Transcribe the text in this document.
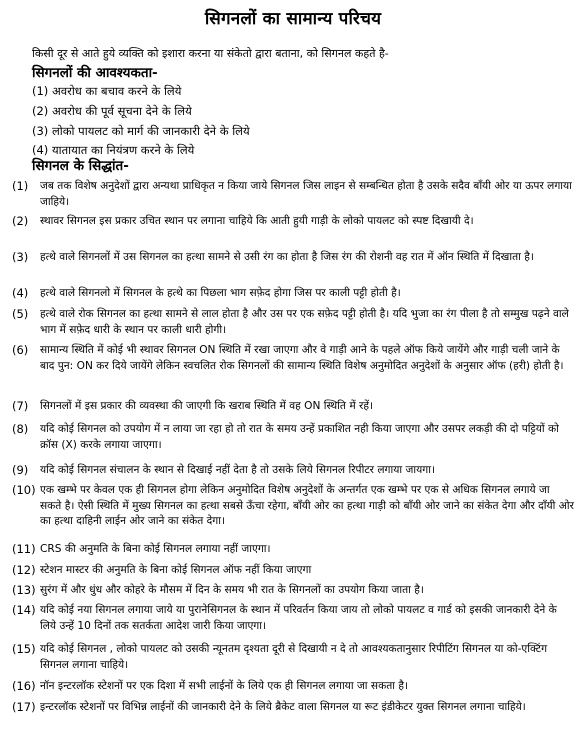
सिगनलों का सामान्य परिचय
किसी दूर से आते हुये व्यक्ति को इशारा करना या संकेतो द्वारा बताना, को सिगनल कहते है-
सिगनलों की आवश्यकता-
(1) अवरोध का बचाव करने के लिये
(2) अवरोध की पूर्व सूचना देने के लिये
(3) लोको पायलट को मार्ग की जानकारी देने के लिये
(4) यातायात का नियंत्रण करने के लिये
सिगनल के सिद्धांत-
(1) जब तक विशेष अनुदेशों द्वारा अन्यथा प्राधिकृत न किया जाये सिगनल जिस लाइन से सम्बन्धित होता है उसके सदैव बाँयी ओर या ऊपर लगाया जाहिये।
(2) स्थावर सिगनल इस प्रकार उचित स्थान पर लगाना चाहिये कि आती हुयी गाड़ी के लोको पायलट को स्पष्ट दिखायी दे।
(3) हत्थे वाले सिगनलों में उस सिगनल का हत्था सामने से उसी रंग का होता है जिस रंग की रोशनी वह रात में ऑन स्थिति में दिखाता है।
(4) हत्थे वाले सिगनलो में सिगनल के हत्थे का पिछला भाग सफ़ेद होगा जिस पर काली पट्टी होती है।
(5) हत्थे वाले रोक सिगनल का हत्था सामने से लाल होता है और उस पर एक सफ़ेद पट्टी होती है। यदि भुजा का रंग पीला है तो सम्मुख पढ़ने वाले भाग में सफ़ेद धारी के स्थान पर काली धारी होगी।
(6) सामान्य स्थिति में कोई भी स्थावर सिगनल ON स्थिति में रखा जाएगा और वे गाड़ी आने के पहले ऑफ किये जायेंगे और गाड़ी चली जाने के बाद पुन: ON कर दिये जायेंगे लेकिन स्वचलित रोक सिगनलों की सामान्य स्थिति विशेष अनुमोदित अनुदेशों के अनुसार ऑफ (हरी) होती है।
(7) सिगनलों में इस प्रकार की व्यवस्था की जाएगी कि खराब स्थिति में वह ON स्थिति में रहें।
(8) यदि कोई सिगनल को उपयोग में न लाया जा रहा हो तो रात के समय उन्हें प्रकाशित नही किया जाएगा और उसपर लकड़ी की दो पट्टियों को क्रॉस (X) करके लगाया जाएगा।
(9) यदि कोई सिगनल संचालन के स्थान से दिखाई नहीं देता है तो उसके लिये सिगनल रिपीटर लगाया जायगा।
(10) एक खम्भे पर केवल एक ही सिगनल होगा लेकिन अनुमोदित विशेष अनुदेशों के अन्तर्गत एक खम्भे पर एक से अधिक सिगनल लगाये जा सकते है। ऐसी स्थिति में मुख्य सिगनल का हत्था सबसे ऊँचा रहेगा, बाँयी ओर का हत्था गाड़ी को बाँयी ओर जाने का संकेत देगा और दाँयी ओर का हत्था दाहिनी लाईन ओर जाने का संकेत देगा।
(11) CRS की अनुमति के बिना कोई सिगनल लगाया नहीं जाएगा।
(12) स्टेशन मास्टर की अनुमति के बिना कोई सिगनल ऑफ नहीं किया जाएगा
(13) सुरंग में और धुंध और कोहरे के मौसम में दिन के समय भी रात के सिगनलों का उपयोग किया जाता है।
(14) यदि कोई नया सिगनल लगाया जाये या पुरानेसिगनल के स्थान में परिवर्तन किया जाय तो लोको पायलट व गार्ड को इसकी जानकारी देने के लिये उन्हें 10 दिनों तक सतर्कता आदेश जारी किया जाएगा।
(15) यदि कोई सिगनल , लोको पायलट को उसकी न्यूनतम दृश्यता दूरी से दिखायी न दे तो आवश्यकतानुसार रिपीटिंग सिगनल या को-एक्टिंग सिगनल लगाना चाहिये।
(16) नॉन इन्टरलॉक स्टेशनों पर एक दिशा में सभी लाईनों के लिये एक ही सिगनल लगाया जा सकता है।
(17) इन्टरलॉक स्टेशनों पर विभिन्न लाईनों की जानकारी देने के लिये ब्रैकेट वाला सिगनल या रूट इंडीकेटर युक्त सिगनल लगाना चाहिये।
